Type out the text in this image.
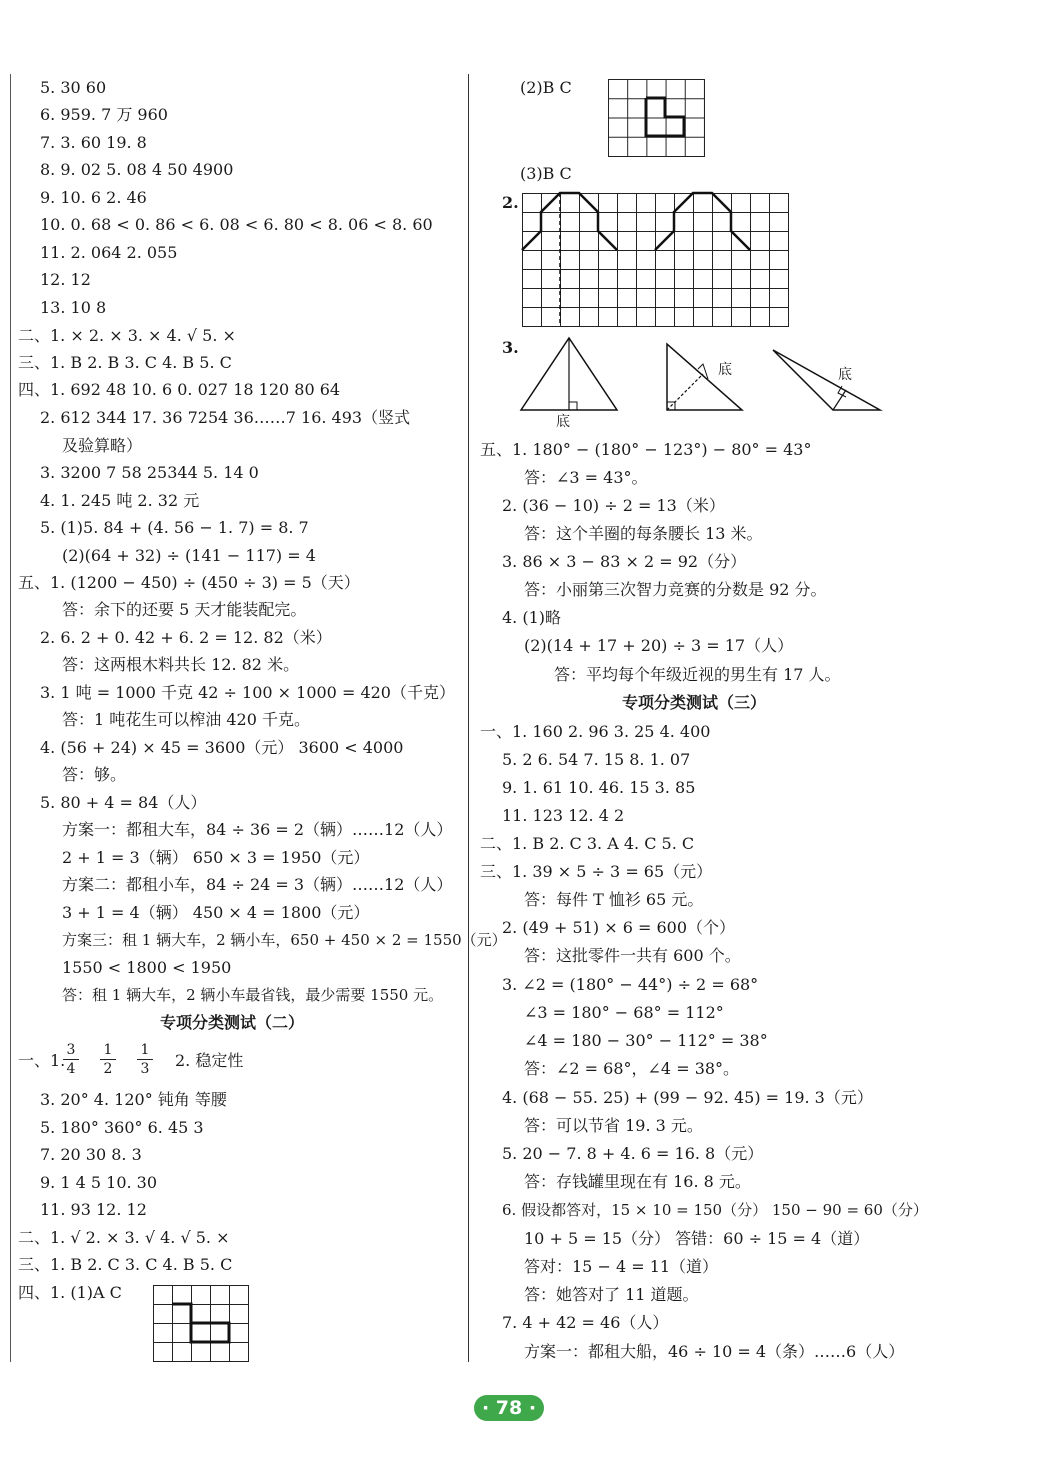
5. 30 60
6. 959. 7 万 960
7. 3. 60 19. 8
8. 9. 02 5. 08 4 50 4900
9. 10. 6 2. 46
10. 0. 68 < 0. 86 < 6. 08 < 6. 80 < 8. 06 < 8. 60
11. 2. 064 2. 055
12. 12
13. 10 8
二、1. × 2. × 3. × 4. √ 5. ×
三、1. B 2. B 3. C 4. B 5. C
四、1. 692 48 10. 6 0. 027 18 120 80 64
2. 612 344 17. 36 7254 36……7 16. 493（竖式
及验算略）
3. 3200 7 58 25344 5. 14 0
4. 1. 245 吨 2. 32 元
5. (1)5. 84 + (4. 56 − 1. 7) = 8. 7
(2)(64 + 32) ÷ (141 − 117) = 4
五、1. (1200 − 450) ÷ (450 ÷ 3) = 5（天）
答：余下的还要 5 天才能装配完。
2. 6. 2 + 0. 42 + 6. 2 = 12. 82（米）
答：这两根木料共长 12. 82 米。
3. 1 吨 = 1000 千克 42 ÷ 100 × 1000 = 420（千克）
答：1 吨花生可以榨油 420 千克。
4. (56 + 24) × 45 = 3600（元） 3600 < 4000
答：够。
5. 80 + 4 = 84（人）
方案一：都租大车，84 ÷ 36 = 2（辆）……12（人）
2 + 1 = 3（辆） 650 × 3 = 1950（元）
方案二：都租小车，84 ÷ 24 = 3（辆）……12（人）
3 + 1 = 4（辆） 450 × 4 = 1800（元）
方案三：租 1 辆大车，2 辆小车，650 + 450 × 2 = 1550（元）
1550 < 1800 < 1950
答：租 1 辆大车，2 辆小车最省钱，最少需要 1550 元。
专项分类测试（二）
一、1.
3
4
1
2
1
3 2. 稳定性
3. 20° 4. 120° 钝角 等腰
5. 180° 360° 6. 45 3
7. 20 30 8. 3
9. 1 4 5 10. 30
11. 93 12. 12
二、1. √ 2. × 3. √ 4. √ 5. ×
三、1. B 2. C 3. C 4. B 5. C
四、1. (1)A C
(2)B C
(3)B C
2.
3.
底
底	底
五、1. 180° − (180° − 123°) − 80° = 43°
答：∠3 = 43°。
2. (36 − 10) ÷ 2 = 13（米）
答：这个羊圈的每条腰长 13 米。
3. 86 × 3 − 83 × 2 = 92（分）
答：小丽第三次智力竞赛的分数是 92 分。
4. (1)略
(2)(14 + 17 + 20) ÷ 3 = 17（人）
答：平均每个年级近视的男生有 17 人。
专项分类测试（三）
一、1. 160 2. 96 3. 25 4. 400
5. 2 6. 54 7. 15 8. 1. 07
9. 1. 61 10. 46. 15 3. 85
11. 123 12. 4 2
二、1. B 2. C 3. A 4. C 5. C
三、1. 39 × 5 ÷ 3 = 65（元）
答：每件 T 恤衫 65 元。
2. (49 + 51) × 6 = 600（个）
答：这批零件一共有 600 个。
3. ∠2 = (180° − 44°) ÷ 2 = 68°
∠3 = 180° − 68° = 112°
∠4 = 180 − 30° − 112° = 38°
答：∠2 = 68°，∠4 = 38°。
4. (68 − 55. 25) + (99 − 92. 45) = 19. 3（元）
答：可以节省 19. 3 元。
5. 20 − 7. 8 + 4. 6 = 16. 8（元）
答：存钱罐里现在有 16. 8 元。
6. 假设都答对，15 × 10 = 150（分） 150 − 90 = 60（分）
10 + 5 = 15（分） 答错：60 ÷ 15 = 4（道）
答对：15 − 4 = 11（道）
答：她答对了 11 道题。
7. 4 + 42 = 46（人）
方案一：都租大船，46 ÷ 10 = 4（条）……6（人）
· 78 ·
